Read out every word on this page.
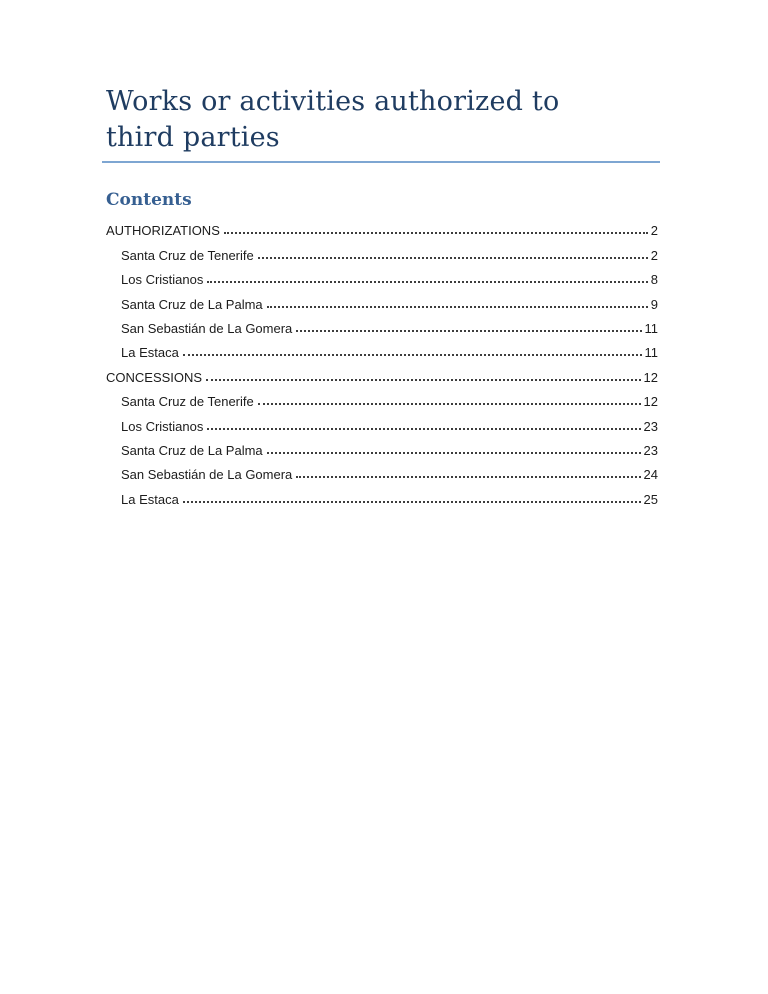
Works or activities authorized to
third parties
Contents
AUTHORIZATIONS	2
Santa Cruz de Tenerife	2
Los Cristianos	8
Santa Cruz de La Palma	9
San Sebastián de La Gomera	11
La Estaca	11
CONCESSIONS	12
Santa Cruz de Tenerife	12
Los Cristianos	23
Santa Cruz de La Palma	23
San Sebastián de La Gomera	24
La Estaca	25
